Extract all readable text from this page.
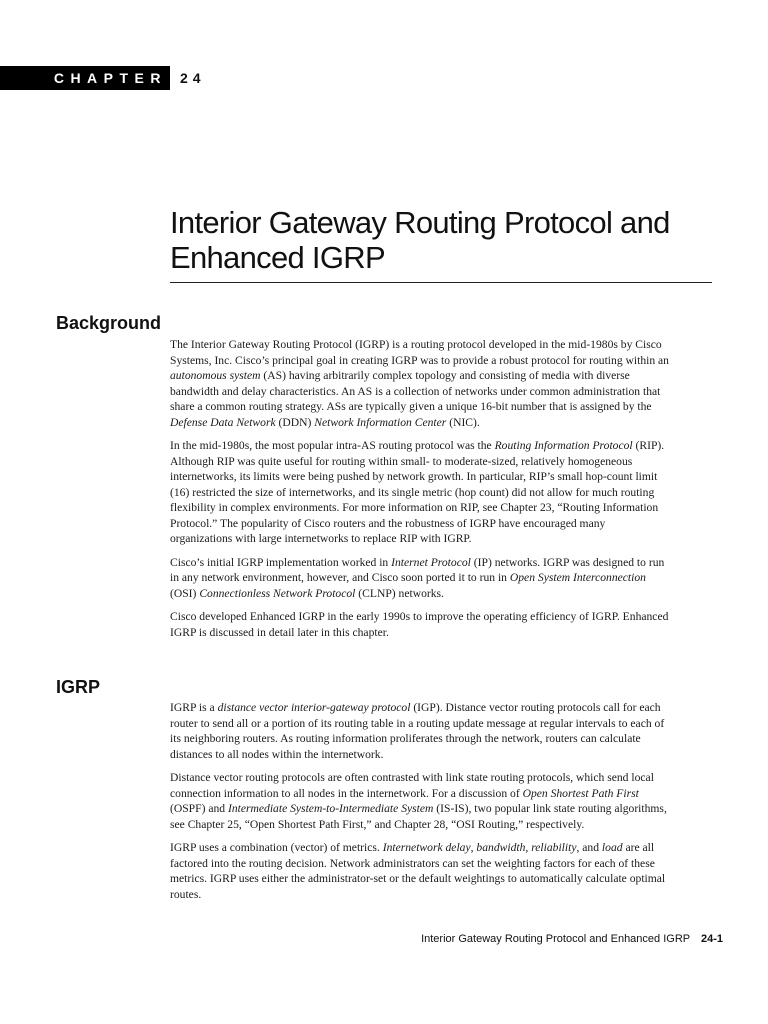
CHAPTER 24
Interior Gateway Routing Protocol and
Enhanced IGRP
Background

The Interior Gateway Routing Protocol (IGRP) is a routing protocol developed in the mid-1980s by Cisco Systems, Inc. Cisco’s principal goal in creating IGRP was to provide a robust protocol for routing within an autonomous system (AS) having arbitrarily complex topology and consisting of media with diverse bandwidth and delay characteristics. An AS is a collection of networks under common administration that share a common routing strategy. ASs are typically given a unique 16-bit number that is assigned by the Defense Data Network (DDN) Network Information Center (NIC).

In the mid-1980s, the most popular intra-AS routing protocol was the Routing Information Protocol (RIP). Although RIP was quite useful for routing within small- to moderate-sized, relatively homogeneous internetworks, its limits were being pushed by network growth. In particular, RIP’s small hop-count limit (16) restricted the size of internetworks, and its single metric (hop count) did not allow for much routing flexibility in complex environments. For more information on RIP, see Chapter 23, “Routing Information Protocol.” The popularity of Cisco routers and the robustness of IGRP have encouraged many organizations with large internetworks to replace RIP with IGRP.

Cisco’s initial IGRP implementation worked in Internet Protocol (IP) networks. IGRP was designed to run in any network environment, however, and Cisco soon ported it to run in Open System Interconnection (OSI) Connectionless Network Protocol (CLNP) networks.

Cisco developed Enhanced IGRP in the early 1990s to improve the operating efficiency of IGRP. Enhanced IGRP is discussed in detail later in this chapter.

IGRP

IGRP is a distance vector interior-gateway protocol (IGP). Distance vector routing protocols call for each router to send all or a portion of its routing table in a routing update message at regular intervals to each of its neighboring routers. As routing information proliferates through the network, routers can calculate distances to all nodes within the internetwork.

Distance vector routing protocols are often contrasted with link state routing protocols, which send local connection information to all nodes in the internetwork. For a discussion of Open Shortest Path First (OSPF) and Intermediate System-to-Intermediate System (IS-IS), two popular link state routing algorithms, see Chapter 25, “Open Shortest Path First,” and Chapter 28, “OSI Routing,” respectively.

IGRP uses a combination (vector) of metrics. Internetwork delay, bandwidth, reliability, and load are all factored into the routing decision. Network administrators can set the weighting factors for each of these metrics. IGRP uses either the administrator-set or the default weightings to automatically calculate optimal routes.

Interior Gateway Routing Protocol and Enhanced IGRP 24-1
